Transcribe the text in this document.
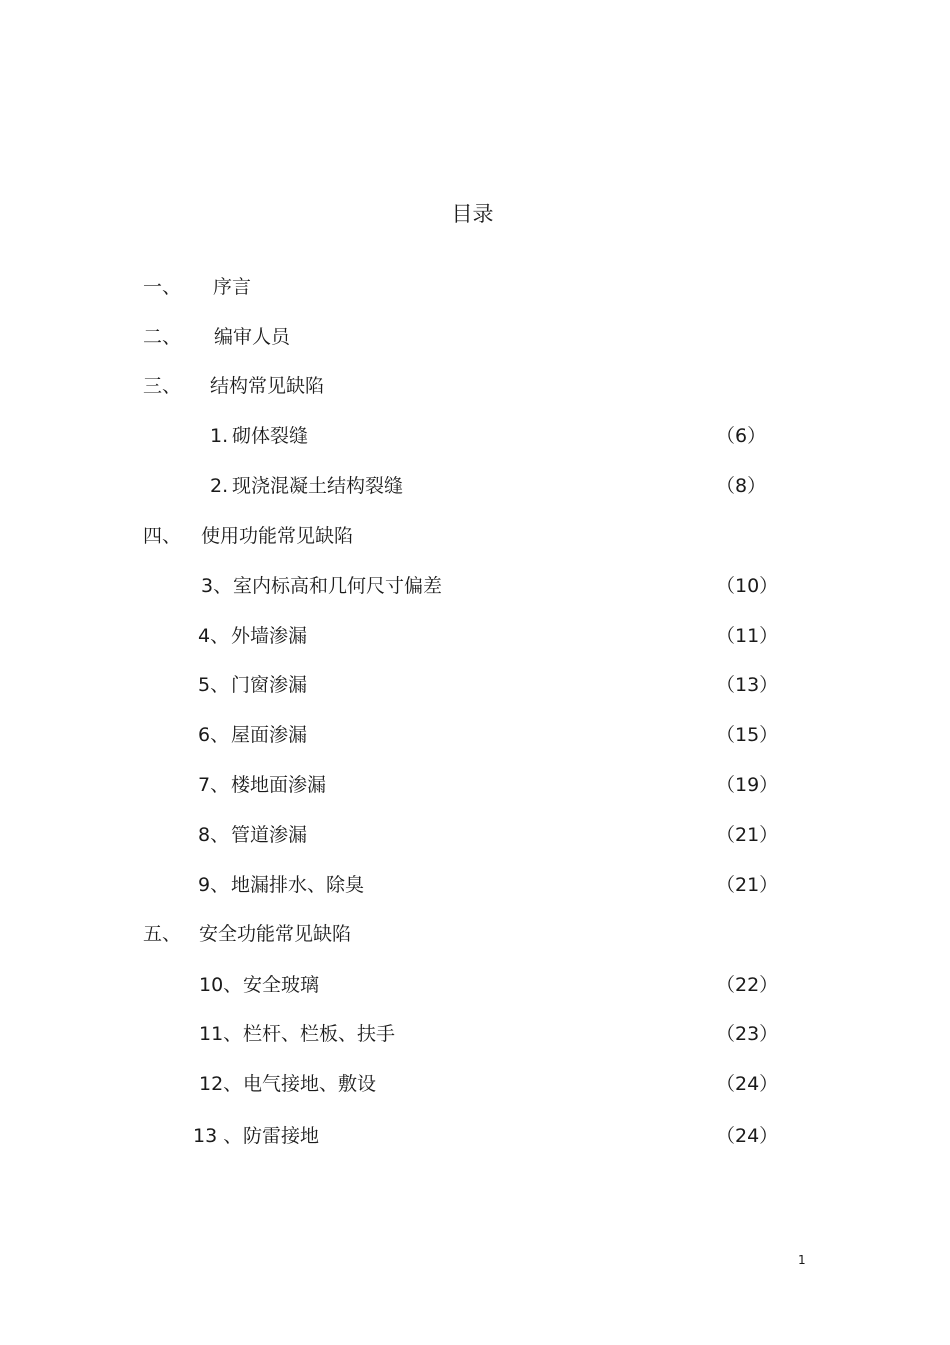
目录
一、 序言
二、 编审人员
三、 结构常见缺陷
1. 砌体裂缝	（6）
2. 现浇混凝土结构裂缝	（8）
四、 使用功能常见缺陷
3、 室内标高和几何尺寸偏差	（10）
4、 外墙渗漏	（11）
5、 门窗渗漏	（13）
6、 屋面渗漏	（15）
7、 楼地面渗漏	（19）
8、 管道渗漏	（21）
9、 地漏排水、除臭	（21）
五、 安全功能常见缺陷
10、 安全玻璃	（22）
11、 栏杆、栏板、扶手	（23）
12、 电气接地、敷设	（24）
13 、 防雷接地	（24）
1
